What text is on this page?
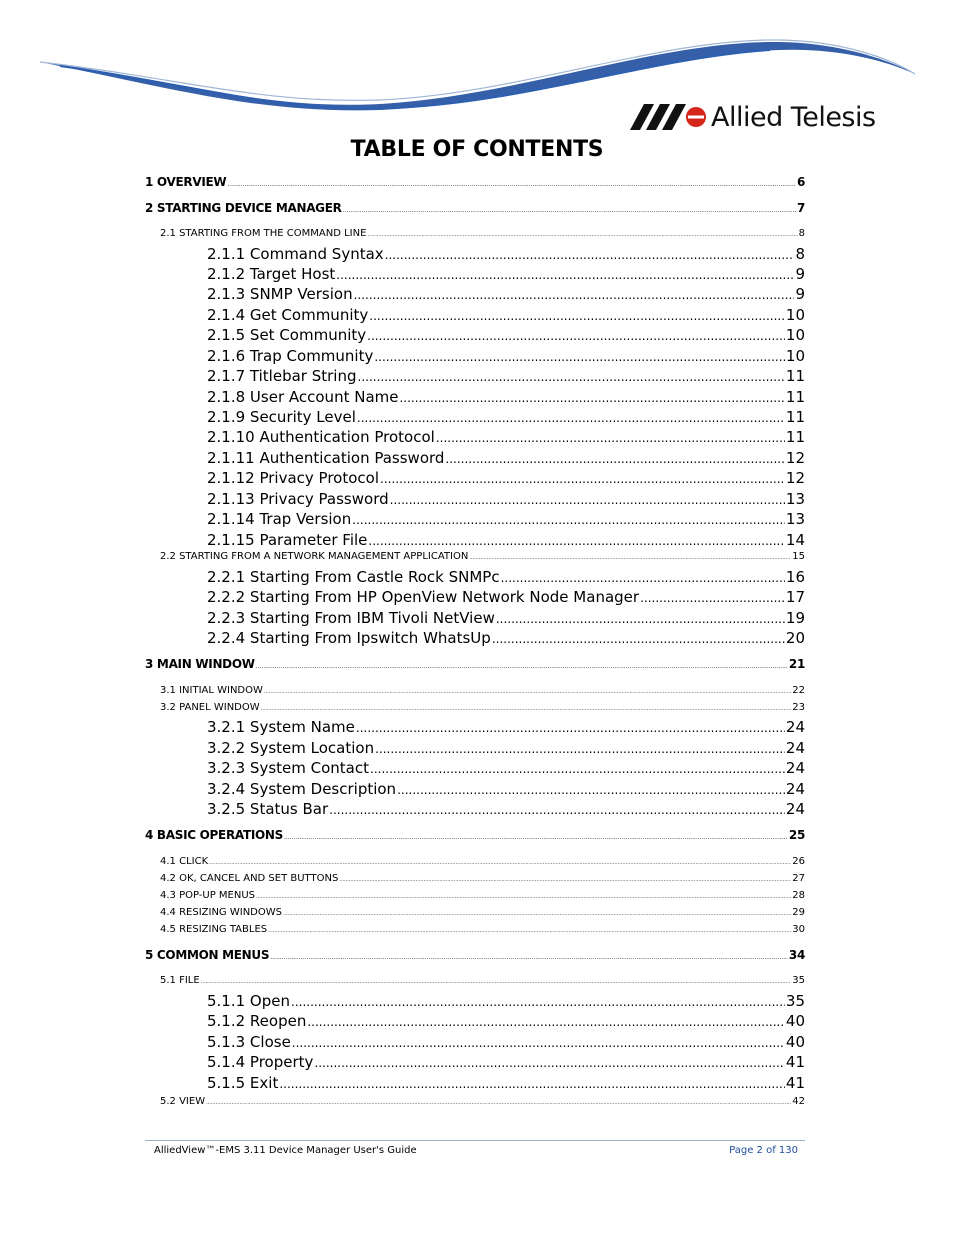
Allied Telesis
TABLE OF CONTENTS
1 OVERVIEW .....	6
2 STARTING DEVICE MANAGER .....	7
2.1 STARTING FROM THE COMMAND LINE .....	8
2.1.1 Command Syntax .....	8
2.1.2 Target Host .....	9
2.1.3 SNMP Version .....	9
2.1.4 Get Community .....	10
2.1.5 Set Community .....	10
2.1.6 Trap Community .....	10
2.1.7 Titlebar String .....	11
2.1.8 User Account Name .....	11
2.1.9 Security Level .....	11
2.1.10 Authentication Protocol .....	11
2.1.11 Authentication Password .....	12
2.1.12 Privacy Protocol .....	12
2.1.13 Privacy Password .....	13
2.1.14 Trap Version .....	13
2.1.15 Parameter File .....	14
2.2 STARTING FROM A NETWORK MANAGEMENT APPLICATION .....	15
2.2.1 Starting From Castle Rock SNMPc .....	16
2.2.2 Starting From HP OpenView Network Node Manager .....	17
2.2.3 Starting From IBM Tivoli NetView .....	19
2.2.4 Starting From Ipswitch WhatsUp .....	20
3 MAIN WINDOW .....	21
3.1 INITIAL WINDOW .....	22
3.2 PANEL WINDOW .....	23
3.2.1 System Name .....	24
3.2.2 System Location .....	24
3.2.3 System Contact .....	24
3.2.4 System Description .....	24
3.2.5 Status Bar .....	24
4 BASIC OPERATIONS .....	25
4.1 CLICK .....	26
4.2 OK, CANCEL AND SET BUTTONS .....	27
4.3 POP-UP MENUS .....	28
4.4 RESIZING WINDOWS .....	29
4.5 RESIZING TABLES .....	30
5 COMMON MENUS .....	34
5.1 FILE .....	35
5.1.1 Open .....	35
5.1.2 Reopen .....	40
5.1.3 Close .....	40
5.1.4 Property .....	41
5.1.5 Exit .....	41
5.2 VIEW .....	42
AlliedView™-EMS 3.11 Device Manager User's Guide	Page 2 of 130
